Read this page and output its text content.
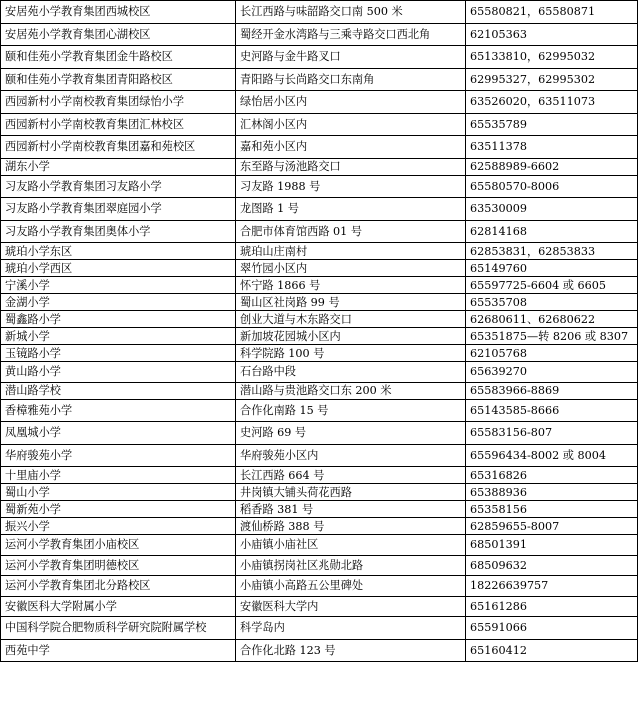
安居苑小学教育集团西城校区	长江西路与味韶路交口南 500 米	65580821，65580871
安居苑小学教育集团心湖校区	蜀经开金水湾路与三乘寺路交口西北角	62105363
颐和佳苑小学教育集团金牛路校区	史河路与金牛路叉口	65133810，62995032
颐和佳苑小学教育集团青阳路校区	青阳路与长尚路交口东南角	62995327，62995302
西园新村小学南校教育集团绿怡小学	绿怡居小区内	63526020，63511073
西园新村小学南校教育集团汇林校区	汇林阁小区内	65535789
西园新村小学南校教育集团嘉和苑校区	嘉和苑小区内	63511378
湖东小学	东至路与汤池路交口	62588989-6602
习友路小学教育集团习友路小学	习友路 1988 号	65580570-8006
习友路小学教育集团翠庭园小学	龙图路 1 号	63530009
习友路小学教育集团奥体小学	合肥市体育馆西路 01 号	62814168
琥珀小学东区	琥珀山庄南村	62853831，62853833
琥珀小学西区	翠竹园小区内	65149760
宁溪小学	怀宁路 1866 号	65597725-6604 或 6605
金湖小学	蜀山区社岗路 99 号	65535708
蜀鑫路小学	创业大道与木东路交口	62680611、62680622
新城小学	新加坡花园城小区内	65351875—转 8206 或 8307
玉镜路小学	科学院路 100 号	62105768
黄山路小学	石台路中段	65639270
潜山路学校	潜山路与贵池路交口东 200 米	65583966-8869
香樟雅苑小学	合作化南路 15 号	65143585-8666
凤凰城小学	史河路 69 号	65583156-807
华府骏苑小学	华府骏苑小区内	65596434-8002 或 8004
十里庙小学	长江西路 664 号	65316826
蜀山小学	井岗镇大铺头荷花西路	65388936
蜀新苑小学	稻香路 381 号	65358156
振兴小学	渡仙桥路 388 号	62859655-8007
运河小学教育集团小庙校区	小庙镇小庙社区	68501391
运河小学教育集团明德校区	小庙镇拐岗社区兆勋北路	68509632
运河小学教育集团北分路校区	小庙镇小高路五公里碑处	18226639757
安徽医科大学附属小学	安徽医科大学内	65161286
中国科学院合肥物质科学研究院附属学校	科学岛内	65591066
西苑中学	合作化北路 123 号	65160412
